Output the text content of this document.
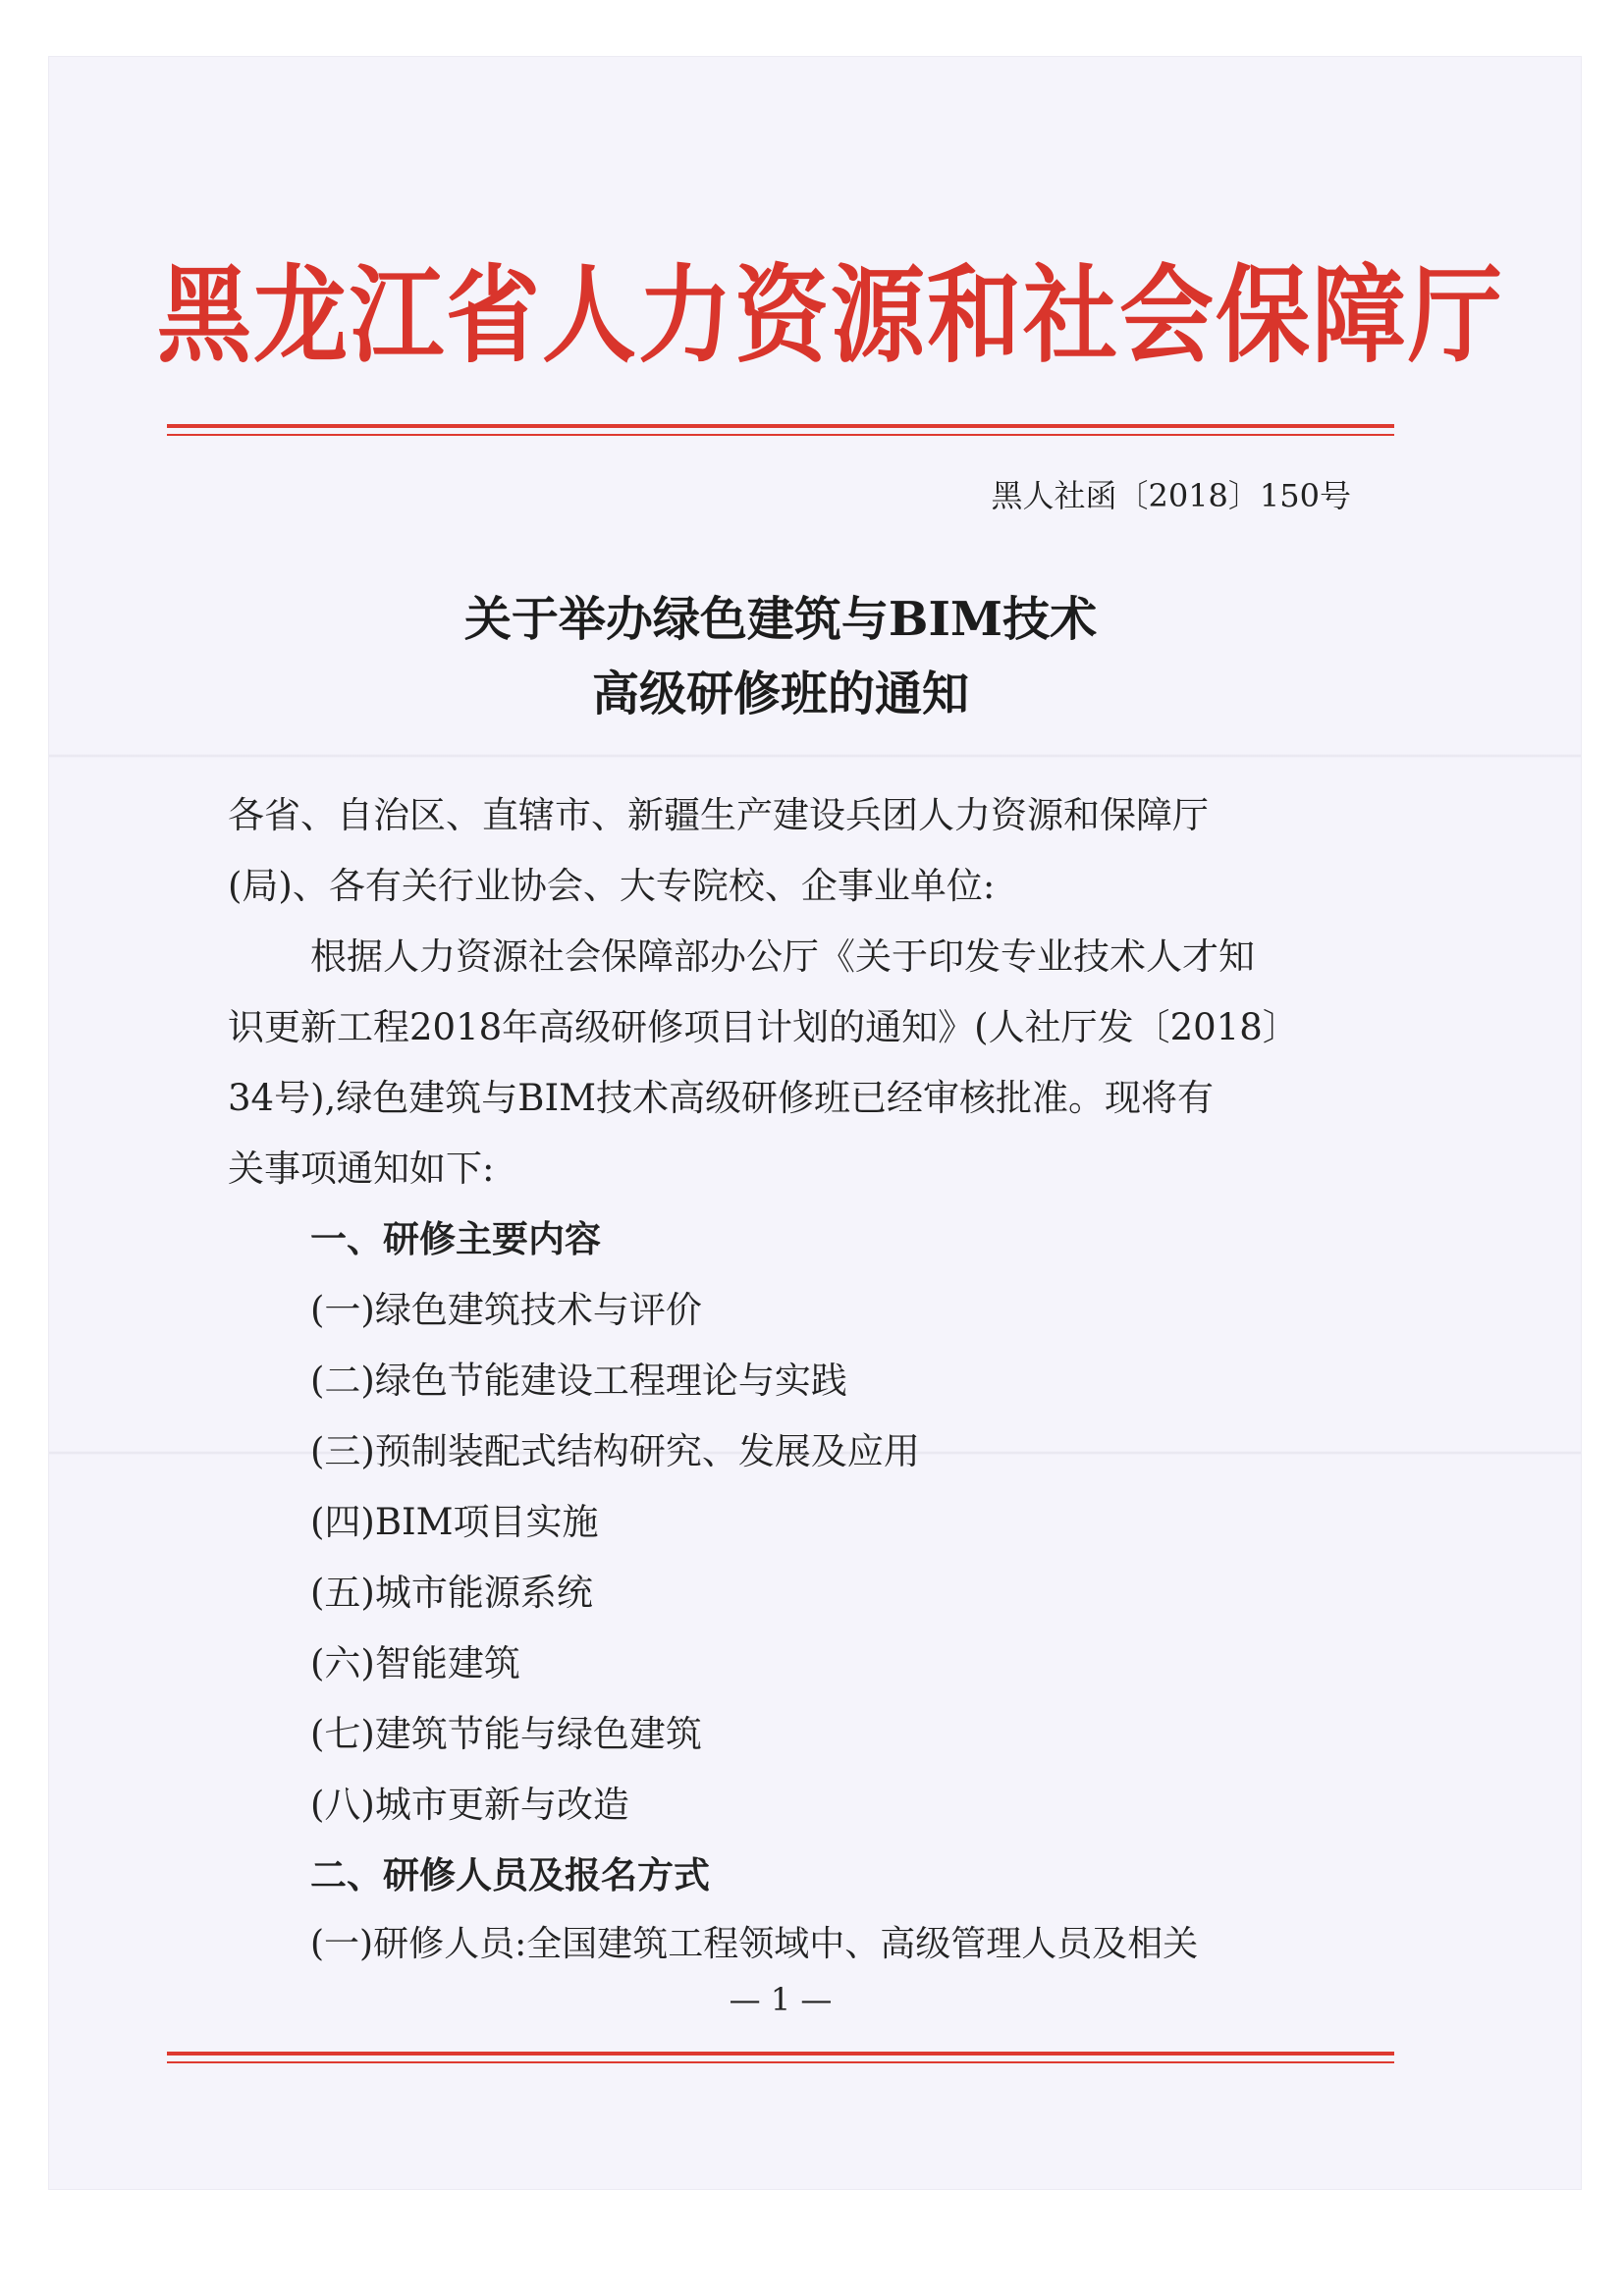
黑龙江省人力资源和社会保障厅
黑人社函〔2018〕150号
关于举办绿色建筑与BIM技术
高级研修班的通知
各省、自治区、直辖市、新疆生产建设兵团人力资源和保障厅
(局)、各有关行业协会、大专院校、企事业单位:
根据人力资源社会保障部办公厅《关于印发专业技术人才知
识更新工程2018年高级研修项目计划的通知》(人社厅发〔2018〕
34号),绿色建筑与BIM技术高级研修班已经审核批准。现将有
关事项通知如下:
一、研修主要内容
(一)绿色建筑技术与评价
(二)绿色节能建设工程理论与实践
(三)预制装配式结构研究、发展及应用
(四)BIM项目实施
(五)城市能源系统
(六)智能建筑
(七)建筑节能与绿色建筑
(八)城市更新与改造
二、研修人员及报名方式
(一)研修人员:全国建筑工程领域中、高级管理人员及相关
— 1 —
